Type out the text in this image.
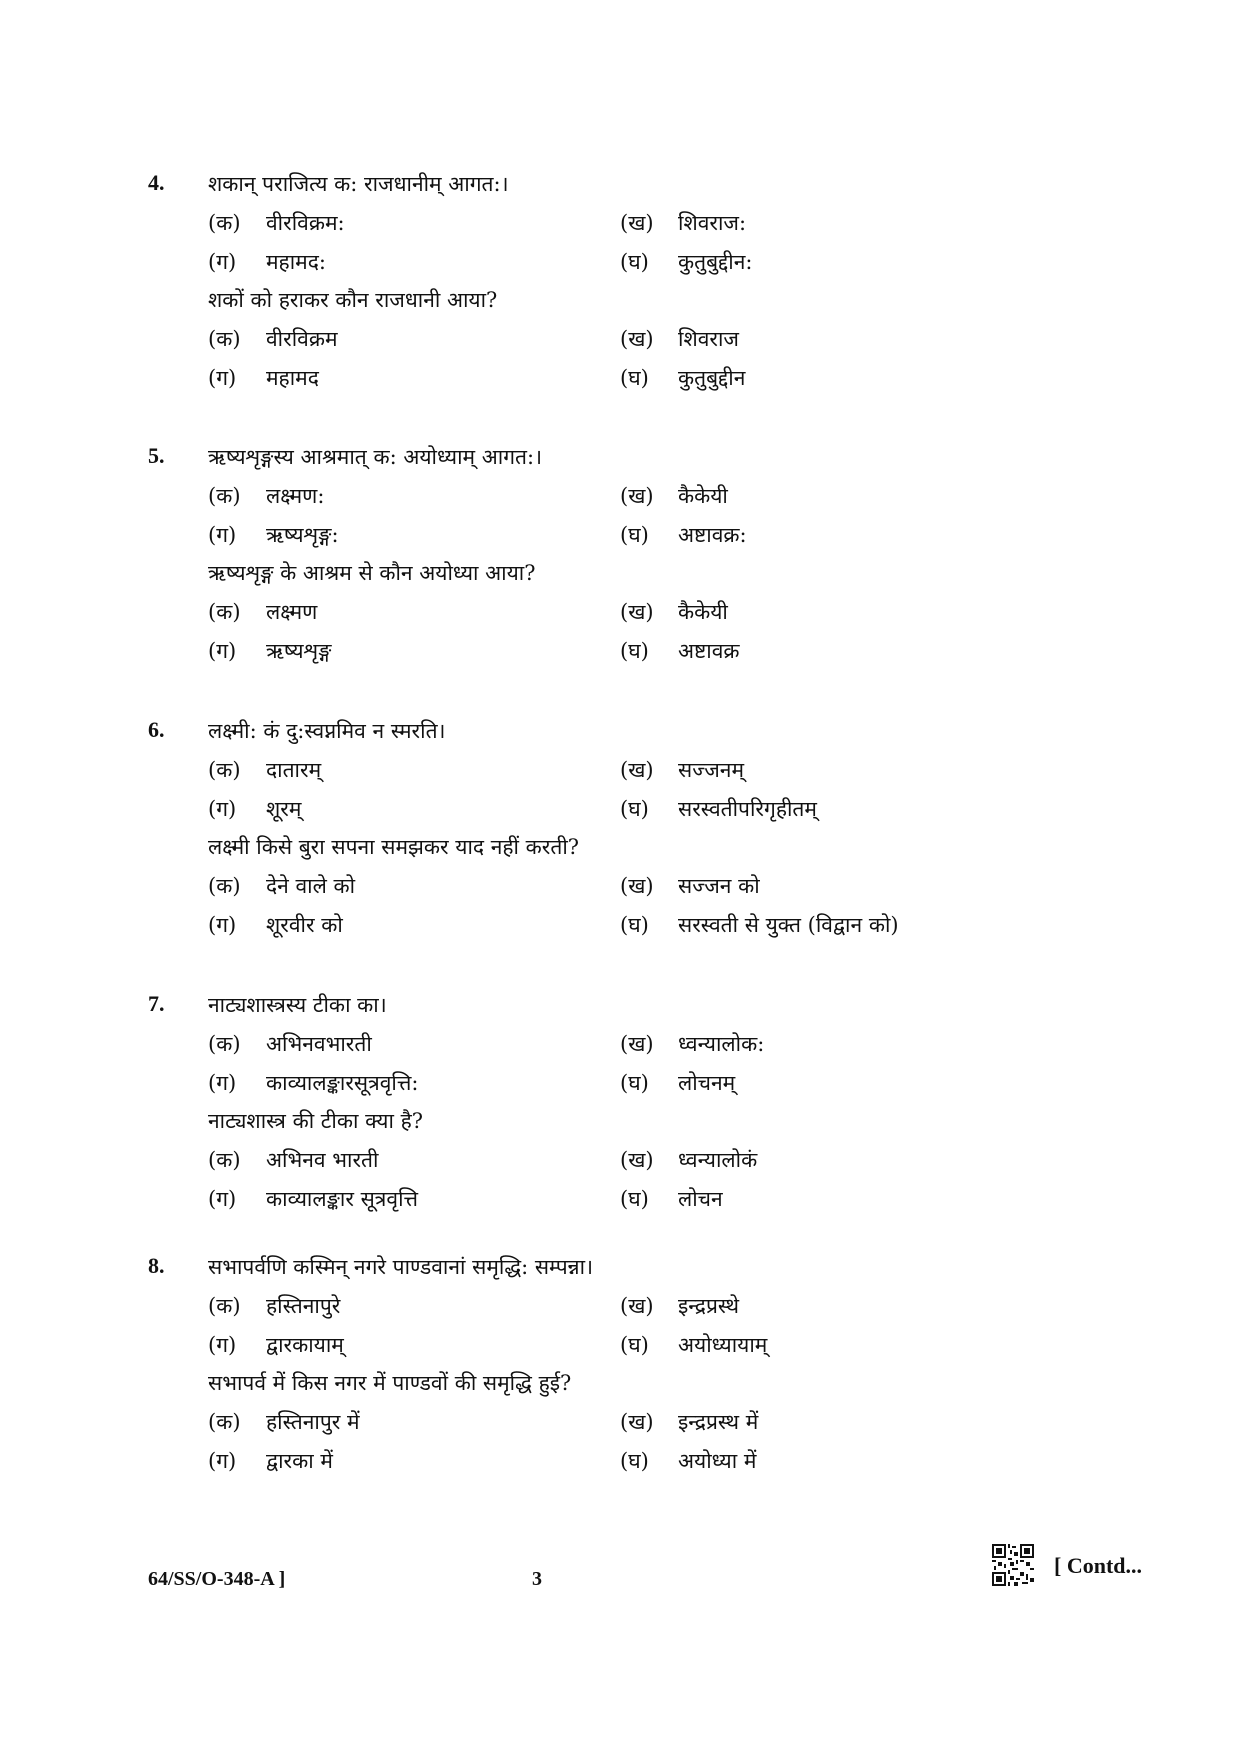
4. शकान् पराजित्य क: राजधानीम् आगत:।
(क) वीरविक्रम:	(ख) शिवराज:
(ग) महामद:	(घ) कुतुबुद्दीन:
शकों को हराकर कौन राजधानी आया?
(क) वीरविक्रम	(ख) शिवराज
(ग) महामद	(घ) कुतुबुद्दीन
5. ऋष्यशृङ्गस्य आश्रमात् क: अयोध्याम् आगत:।
(क) लक्ष्मण:	(ख) कैकेयी
(ग) ऋष्यशृङ्ग:	(घ) अष्टावक्र:
ऋष्यशृङ्ग के आश्रम से कौन अयोध्या आया?
(क) लक्ष्मण	(ख) कैकेयी
(ग) ऋष्यशृङ्ग	(घ) अष्टावक्र
6. लक्ष्मी: कं दु:स्वप्नमिव न स्मरति।
(क) दातारम्	(ख) सज्जनम्
(ग) शूरम्	(घ) सरस्वतीपरिगृहीतम्
लक्ष्मी किसे बुरा सपना समझकर याद नहीं करती?
(क) देने वाले को	(ख) सज्जन को
(ग) शूरवीर को	(घ) सरस्वती से युक्त (विद्वान को)
7. नाट्यशास्त्रस्य टीका का।
(क) अभिनवभारती	(ख) ध्वन्यालोक:
(ग) काव्यालङ्कारसूत्रवृत्ति:	(घ) लोचनम्
नाट्यशास्त्र की टीका क्या है?
(क) अभिनव भारती	(ख) ध्वन्यालोकं
(ग) काव्यालङ्कार सूत्रवृत्ति	(घ) लोचन
8. सभापर्वणि कस्मिन् नगरे पाण्डवानां समृद्धि: सम्पन्ना।
(क) हस्तिनापुरे	(ख) इन्द्रप्रस्थे
(ग) द्वारकायाम्	(घ) अयोध्यायाम्
सभापर्व में किस नगर में पाण्डवों की समृद्धि हुई?
(क) हस्तिनापुर में	(ख) इन्द्रप्रस्थ में
(ग) द्वारका में	(घ) अयोध्या में
64/SS/O-348-A ]	3
[ Contd...
